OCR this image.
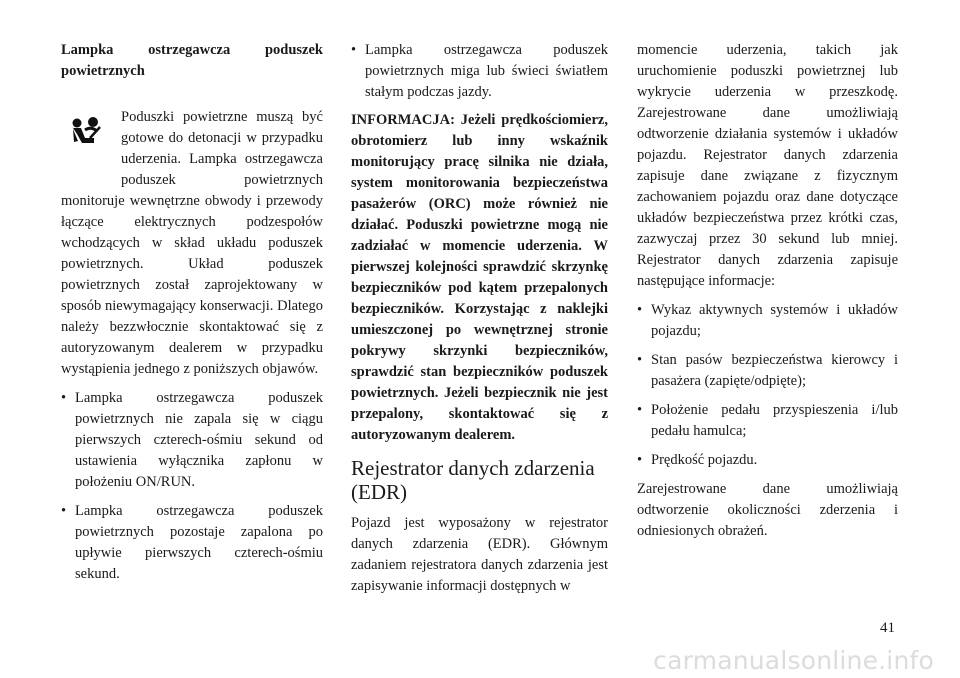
Lampka ostrzegawcza poduszek powietrznych

Poduszki powietrzne muszą być gotowe do detonacji w przypadku uderzenia. Lampka ostrzegawcza poduszek powietrznych monitoruje wewnętrzne obwody i przewody łączące elektrycznych podzespołów wchodzących w skład układu poduszek powietrznych. Układ poduszek powietrznych został zaprojektowany w sposób niewymagający konserwacji. Dlatego należy bezzwłocznie skontaktować się z autoryzowanym dealerem w przypadku wystąpienia jednego z poniższych objawów.

• Lampka ostrzegawcza poduszek powietrznych nie zapala się w ciągu pierwszych czterech-ośmiu sekund od ustawienia wyłącznika zapłonu w położeniu ON/RUN.
• Lampka ostrzegawcza poduszek powietrznych pozostaje zapalona po upływie pierwszych czterech-ośmiu sekund.
• Lampka ostrzegawcza poduszek powietrznych miga lub świeci światłem stałym podczas jazdy.

INFORMACJA: Jeżeli prędkościomierz, obrotomierz lub inny wskaźnik monitorujący pracę silnika nie działa, system monitorowania bezpieczeństwa pasażerów (ORC) może również nie działać. Poduszki powietrzne mogą nie zadziałać w momencie uderzenia. W pierwszej kolejności sprawdzić skrzynkę bezpieczników pod kątem przepalonych bezpieczników. Korzystając z naklejki umieszczonej po wewnętrznej stronie pokrywy skrzynki bezpieczników, sprawdzić stan bezpieczników poduszek powietrznych. Jeżeli bezpiecznik nie jest przepalony, skontaktować się z autoryzowanym dealerem.

Rejestrator danych zdarzenia (EDR)

Pojazd jest wyposażony w rejestrator danych zdarzenia (EDR). Głównym zadaniem rejestratora danych zdarzenia jest zapisywanie informacji dostępnych w

momencie uderzenia, takich jak uruchomienie poduszki powietrznej lub wykrycie uderzenia w przeszkodę. Zarejestrowane dane umożliwiają odtworzenie działania systemów i układów pojazdu. Rejestrator danych zdarzenia zapisuje dane związane z fizycznym zachowaniem pojazdu oraz dane dotyczące układów bezpieczeństwa przez krótki czas, zazwyczaj przez 30 sekund lub mniej. Rejestrator danych zdarzenia zapisuje następujące informacje:

• Wykaz aktywnych systemów i układów pojazdu;
• Stan pasów bezpieczeństwa kierowcy i pasażera (zapięte/odpięte);
• Położenie pedału przyspieszenia i/lub pedału hamulca;
• Prędkość pojazdu.

Zarejestrowane dane umożliwiają odtworzenie okoliczności zderzenia i odniesionych obrażeń.

41
carmanualsonline.info
